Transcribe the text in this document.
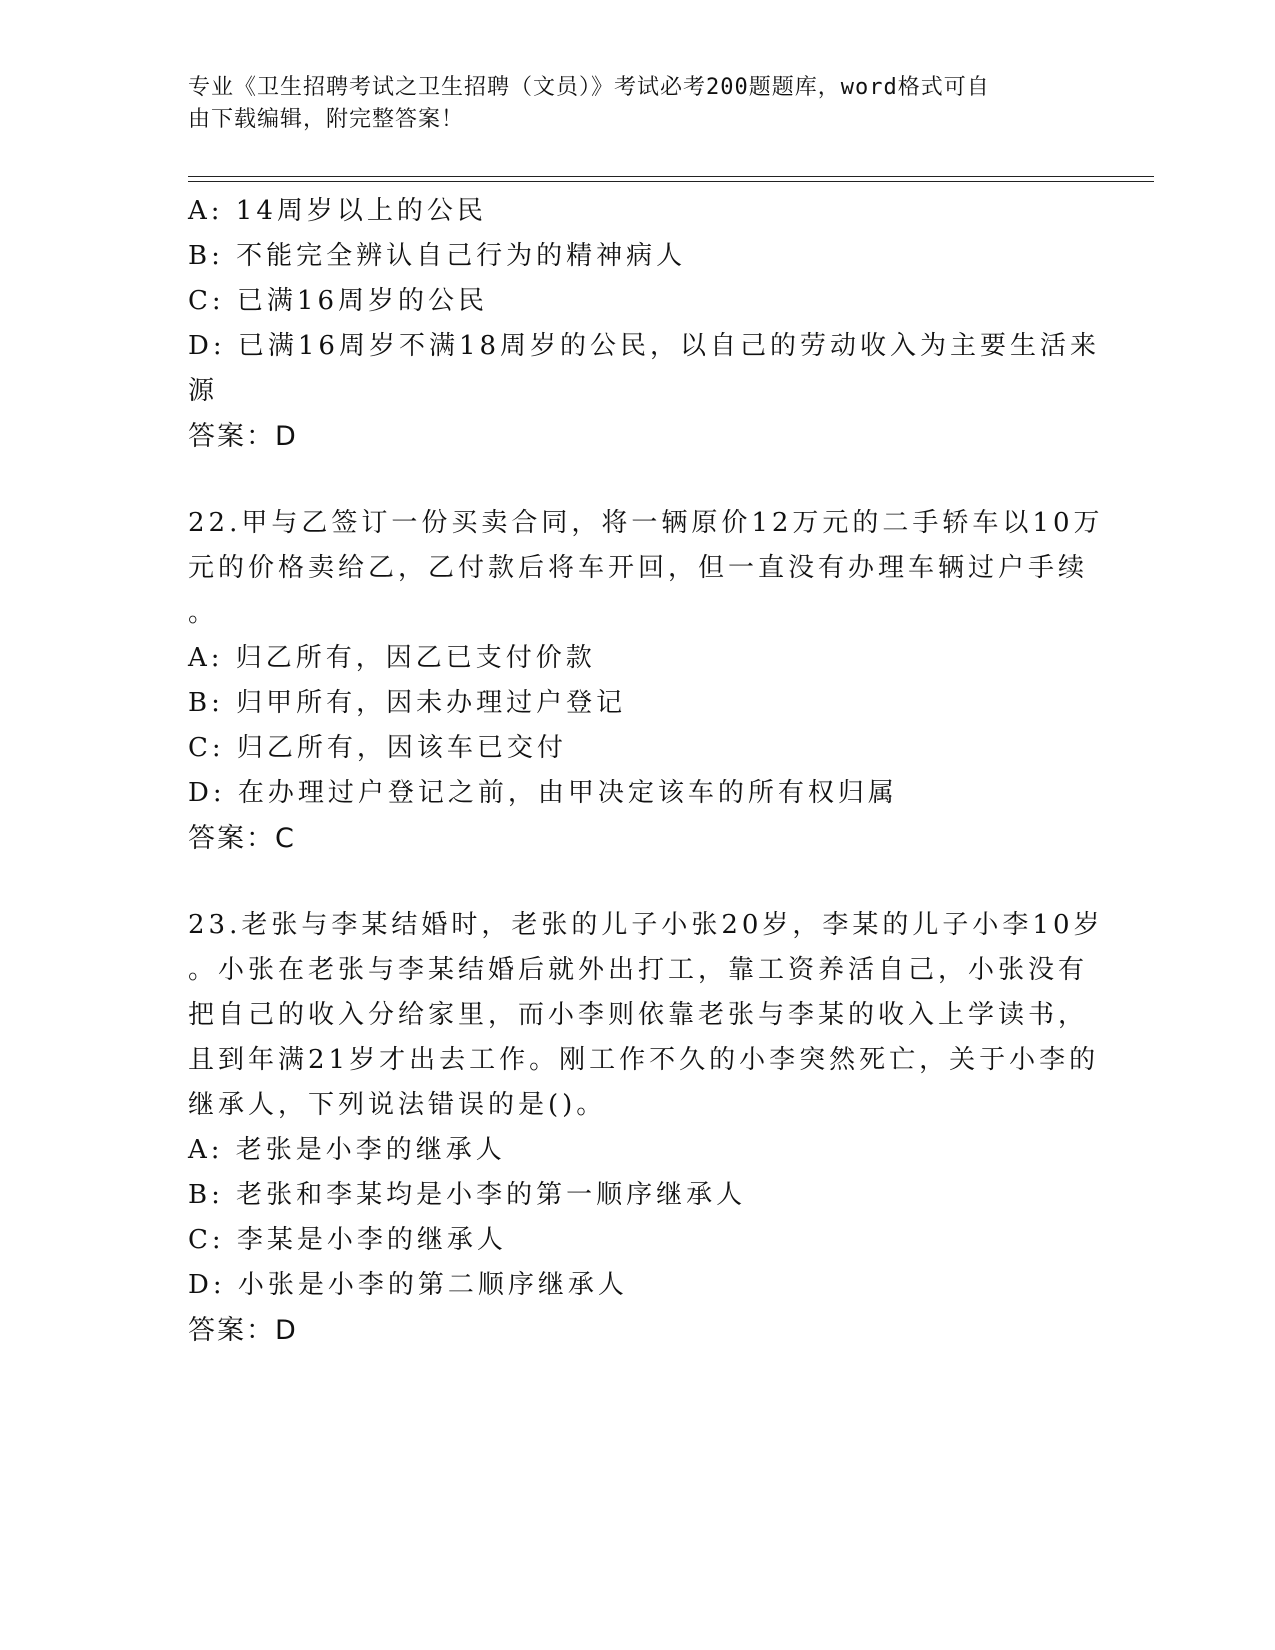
专业《卫生招聘考试之卫生招聘（文员）》考试必考200题题库，word格式可自
由下载编辑，附完整答案！
A: 14周岁以上的公民
B: 不能完全辨认自己行为的精神病人
C: 已满16周岁的公民
D: 已满16周岁不满18周岁的公民，以自己的劳动收入为主要生活来
源
答案：D
22.甲与乙签订一份买卖合同，将一辆原价12万元的二手轿车以10万
元的价格卖给乙，乙付款后将车开回，但一直没有办理车辆过户手续
。
A: 归乙所有，因乙已支付价款
B: 归甲所有，因未办理过户登记
C: 归乙所有，因该车已交付
D: 在办理过户登记之前，由甲决定该车的所有权归属
答案：C
23.老张与李某结婚时，老张的儿子小张20岁，李某的儿子小李10岁
。小张在老张与李某结婚后就外出打工，靠工资养活自己，小张没有
把自己的收入分给家里，而小李则依靠老张与李某的收入上学读书，
且到年满21岁才出去工作。刚工作不久的小李突然死亡，关于小李的
继承人，下列说法错误的是()。
A: 老张是小李的继承人
B: 老张和李某均是小李的第一顺序继承人
C: 李某是小李的继承人
D: 小张是小李的第二顺序继承人
答案：D
